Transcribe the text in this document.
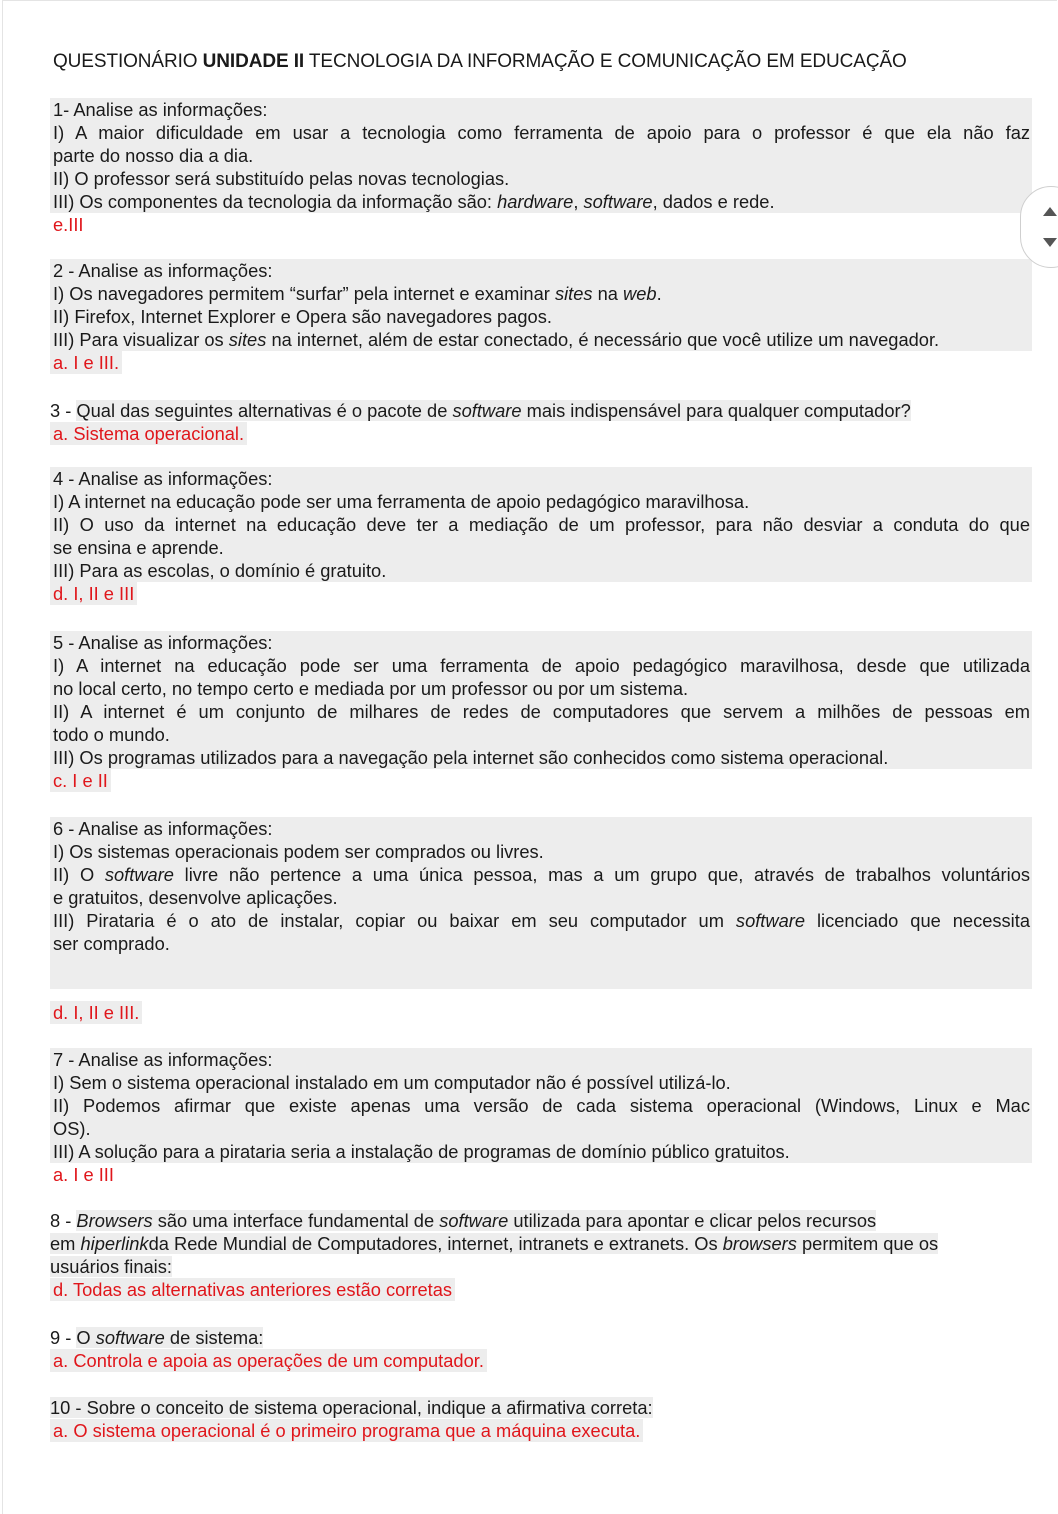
QUESTIONÁRIO UNIDADE II TECNOLOGIA DA INFORMAÇÃO E COMUNICAÇÃO EM EDUCAÇÃO
1- Analise as informações:
I) A maior dificuldade em usar a tecnologia como ferramenta de apoio para o professor é que ela não faz
parte do nosso dia a dia.
II) O professor será substituído pelas novas tecnologias.
III) Os componentes da tecnologia da informação são: hardware, software, dados e rede.
e.III
2 - Analise as informações:
I) Os navegadores permitem “surfar” pela internet e examinar sites na web.
II) Firefox, Internet Explorer e Opera são navegadores pagos.
III) Para visualizar os sites na internet, além de estar conectado, é necessário que você utilize um navegador.
a. I e III.
3 - Qual das seguintes alternativas é o pacote de software mais indispensável para qualquer computador?
a. Sistema operacional.
4 - Analise as informações:
I) A internet na educação pode ser uma ferramenta de apoio pedagógico maravilhosa.
II) O uso da internet na educação deve ter a mediação de um professor, para não desviar a conduta do que
se ensina e aprende.
III) Para as escolas, o domínio é gratuito.
d. I, II e III
5 - Analise as informações:
I) A internet na educação pode ser uma ferramenta de apoio pedagógico maravilhosa, desde que utilizada
no local certo, no tempo certo e mediada por um professor ou por um sistema.
II) A internet é um conjunto de milhares de redes de computadores que servem a milhões de pessoas em
todo o mundo.
III) Os programas utilizados para a navegação pela internet são conhecidos como sistema operacional.
c. I e II
6 - Analise as informações:
I) Os sistemas operacionais podem ser comprados ou livres.
II) O software livre não pertence a uma única pessoa, mas a um grupo que, através de trabalhos voluntários
e gratuitos, desenvolve aplicações.
III) Pirataria é o ato de instalar, copiar ou baixar em seu computador um software licenciado que necessita
ser comprado.
d. I, II e III.
7 - Analise as informações:
I) Sem o sistema operacional instalado em um computador não é possível utilizá-lo.
II) Podemos afirmar que existe apenas uma versão de cada sistema operacional (Windows, Linux e Mac
OS).
III) A solução para a pirataria seria a instalação de programas de domínio público gratuitos.
a. I e III
8 - Browsers são uma interface fundamental de software utilizada para apontar e clicar pelos recursos
em hiperlinkda Rede Mundial de Computadores, internet, intranets e extranets. Os browsers permitem que os
usuários finais:
d. Todas as alternativas anteriores estão corretas
9 - O software de sistema:
a. Controla e apoia as operações de um computador.
10 - Sobre o conceito de sistema operacional, indique a afirmativa correta:
a. O sistema operacional é o primeiro programa que a máquina executa.
